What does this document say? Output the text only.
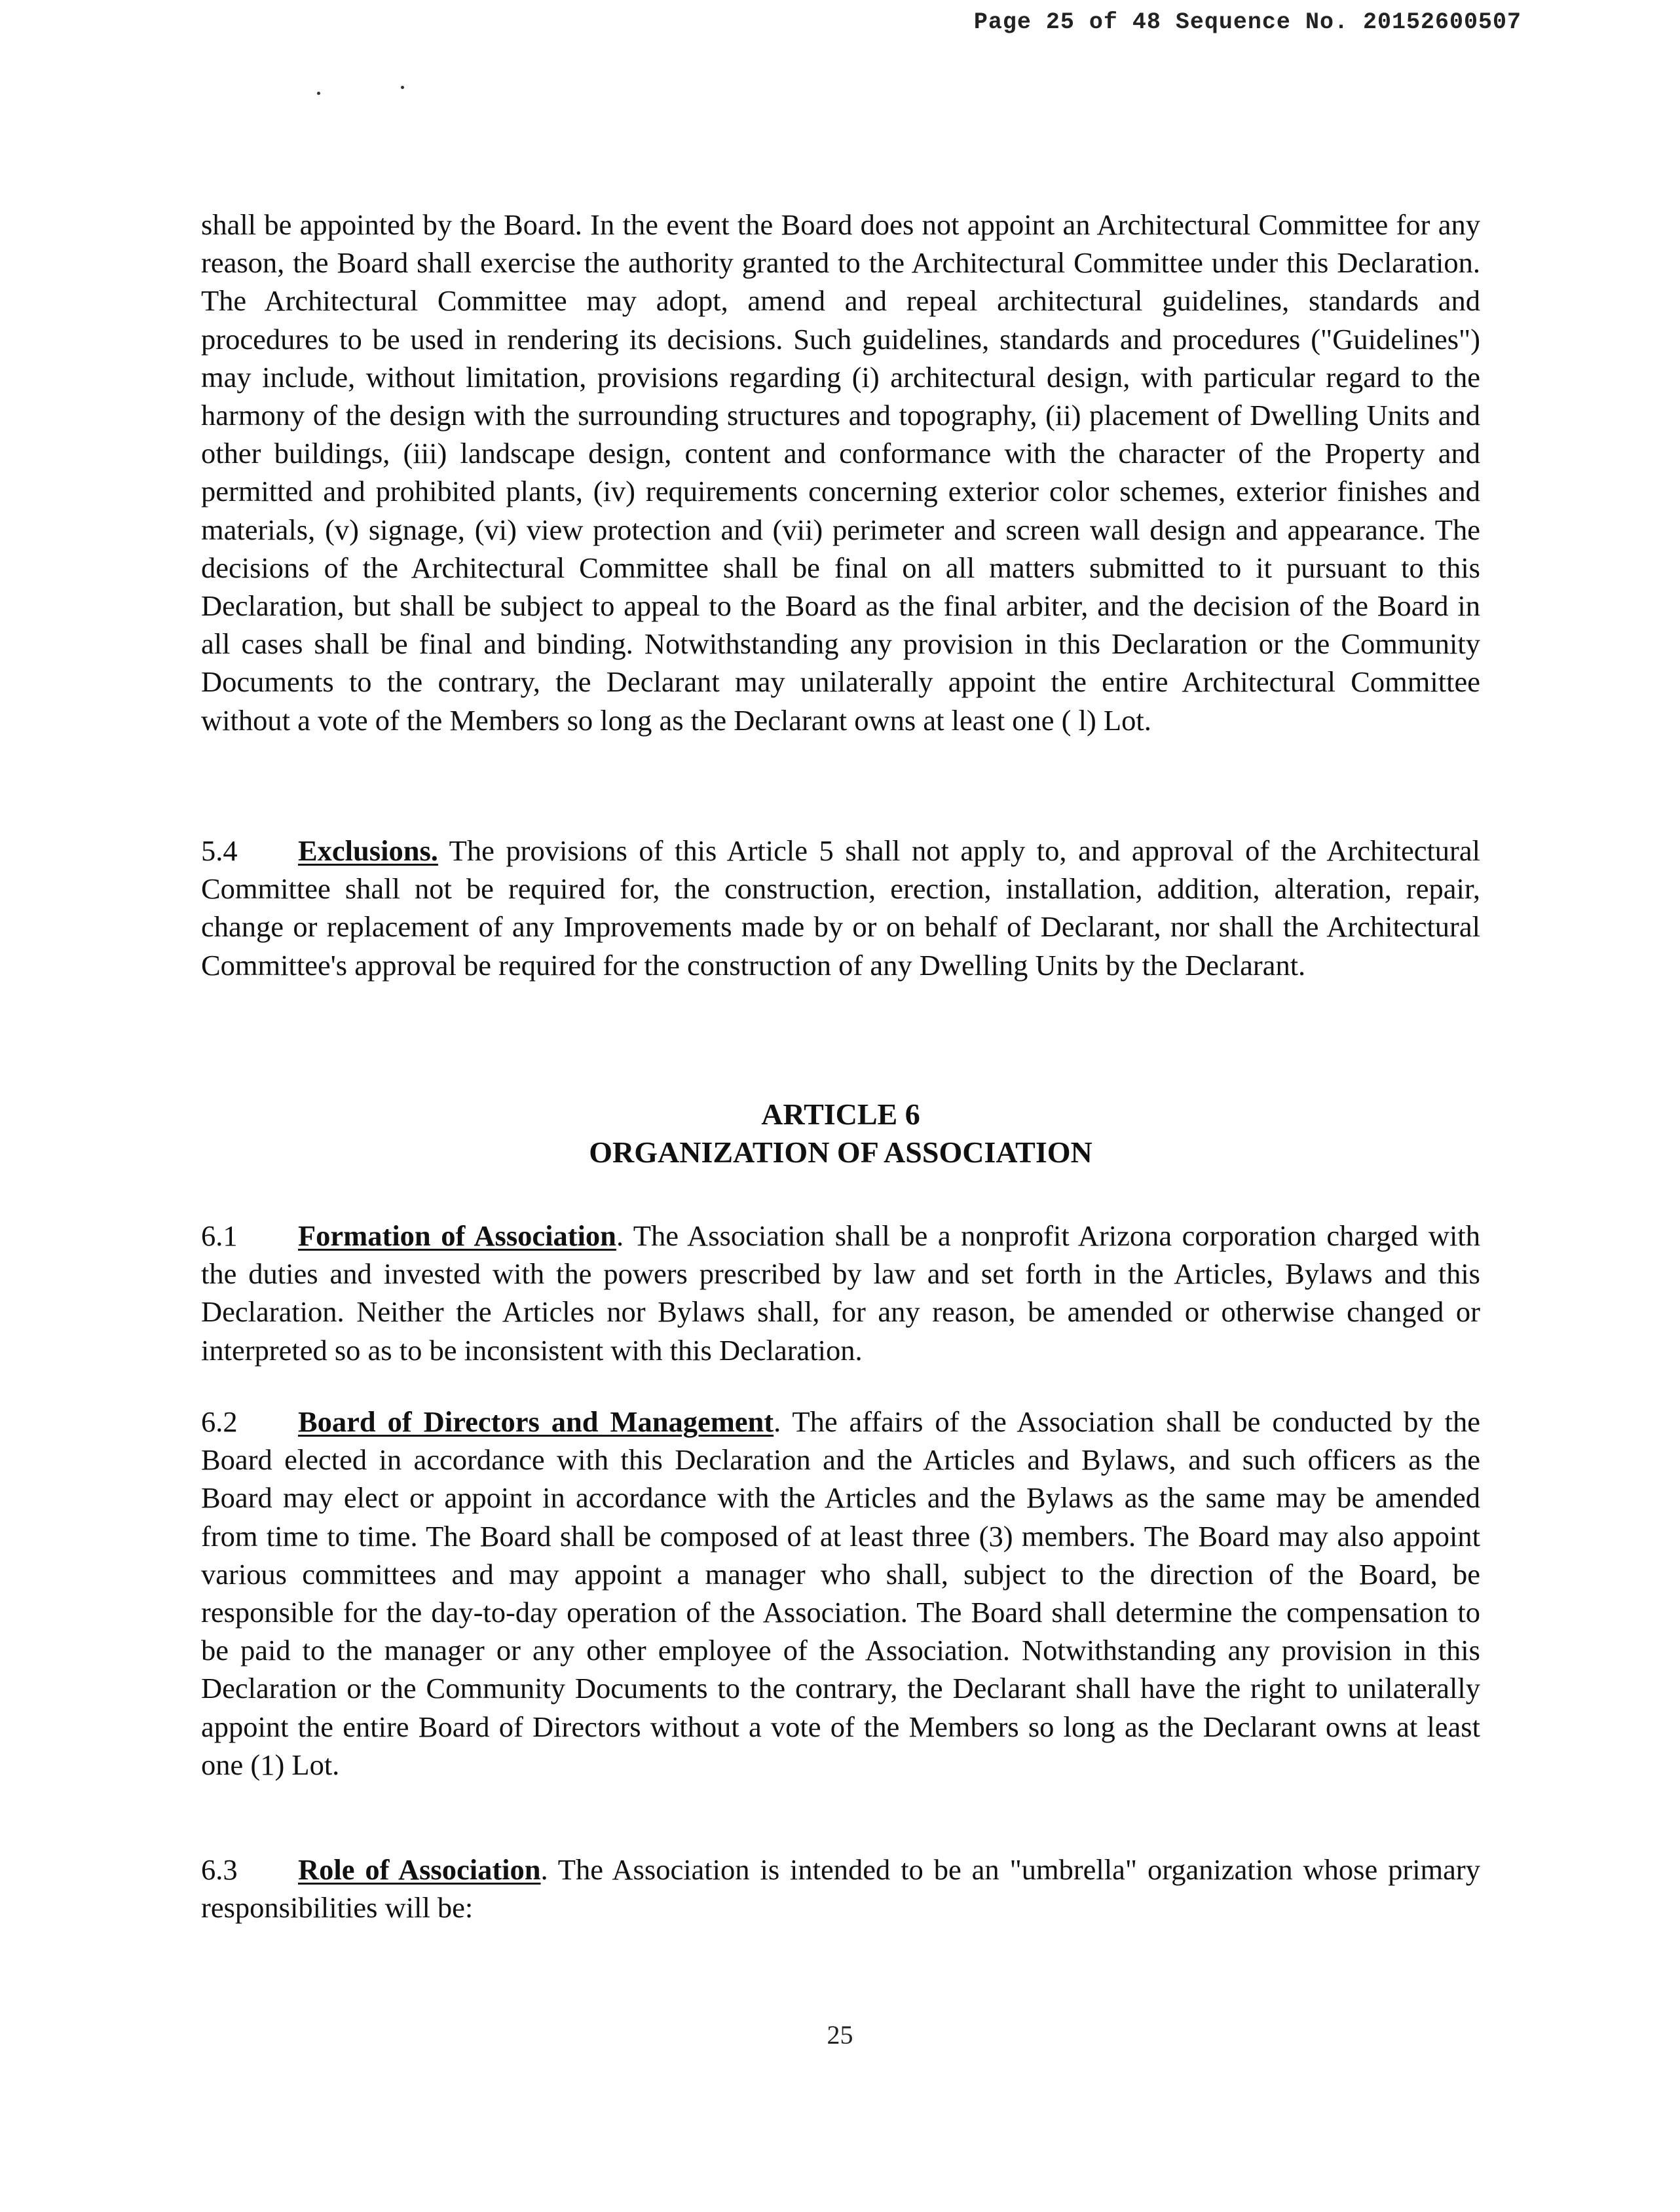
Page 25 of 48 Sequence No. 20152600507

shall be appointed by the Board. In the event the Board does not appoint an Architectural Committee for any reason, the Board shall exercise the authority granted to the Architectural Committee under this Declaration. The Architectural Committee may adopt, amend and repeal architectural guidelines, standards and procedures to be used in rendering its decisions. Such guidelines, standards and procedures ("Guidelines") may include, without limitation, provisions regarding (i) architectural design, with particular regard to the harmony of the design with the surrounding structures and topography, (ii) placement of Dwelling Units and other buildings, (iii) landscape design, content and conformance with the character of the Property and permitted and prohibited plants, (iv) requirements concerning exterior color schemes, exterior finishes and materials, (v) signage, (vi) view protection and (vii) perimeter and screen wall design and appearance. The decisions of the Architectural Committee shall be final on all matters submitted to it pursuant to this Declaration, but shall be subject to appeal to the Board as the final arbiter, and the decision of the Board in all cases shall be final and binding. Notwithstanding any provision in this Declaration or the Community Documents to the contrary, the Declarant may unilaterally appoint the entire Architectural Committee without a vote of the Members so long as the Declarant owns at least one ( l) Lot.

5.4 Exclusions. The provisions of this Article 5 shall not apply to, and approval of the Architectural Committee shall not be required for, the construction, erection, installation, addition, alteration, repair, change or replacement of any Improvements made by or on behalf of Declarant, nor shall the Architectural Committee's approval be required for the construction of any Dwelling Units by the Declarant.

ARTICLE 6
ORGANIZATION OF ASSOCIATION

6.1 Formation of Association. The Association shall be a nonprofit Arizona corporation charged with the duties and invested with the powers prescribed by law and set forth in the Articles, Bylaws and this Declaration. Neither the Articles nor Bylaws shall, for any reason, be amended or otherwise changed or interpreted so as to be inconsistent with this Declaration.

6.2 Board of Directors and Management. The affairs of the Association shall be conducted by the Board elected in accordance with this Declaration and the Articles and Bylaws, and such officers as the Board may elect or appoint in accordance with the Articles and the Bylaws as the same may be amended from time to time. The Board shall be composed of at least three (3) members. The Board may also appoint various committees and may appoint a manager who shall, subject to the direction of the Board, be responsible for the day-to-day operation of the Association. The Board shall determine the compensation to be paid to the manager or any other employee of the Association. Notwithstanding any provision in this Declaration or the Community Documents to the contrary, the Declarant shall have the right to unilaterally appoint the entire Board of Directors without a vote of the Members so long as the Declarant owns at least one (1) Lot.

6.3 Role of Association. The Association is intended to be an "umbrella" organization whose primary responsibilities will be:

25
